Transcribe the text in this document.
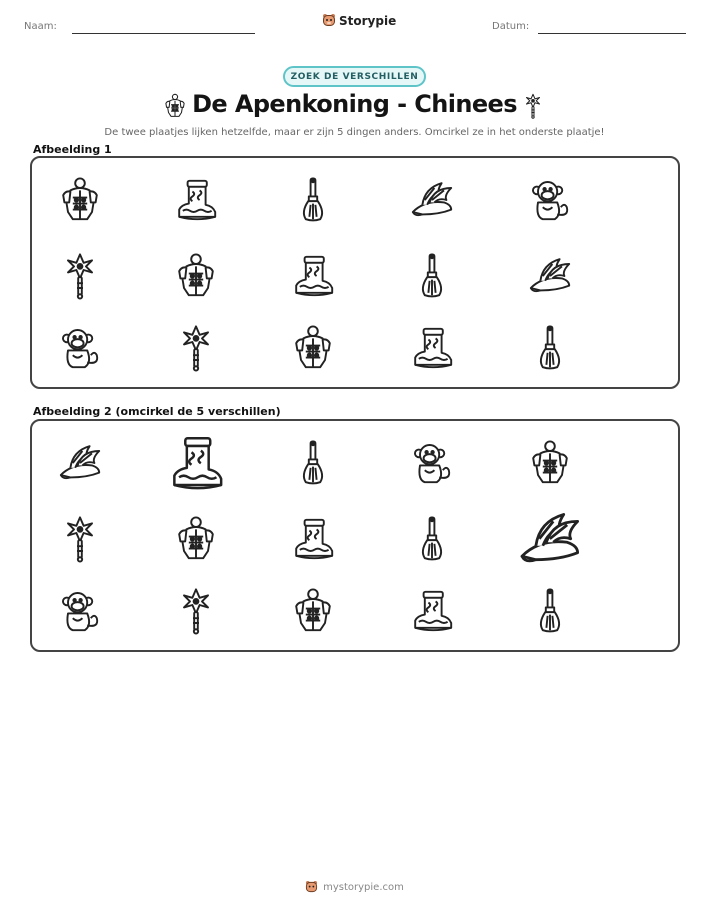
Naam:	Storypie	Datum:
ZOEK DE VERSCHILLEN
De Apenkoning - Chinees
De twee plaatjes lijken hetzelfde, maar er zijn 5 dingen anders. Omcirkel ze in het onderste plaatje!
Afbeelding 1
Afbeelding 2 (omcirkel de 5 verschillen)
mystorypie.com
